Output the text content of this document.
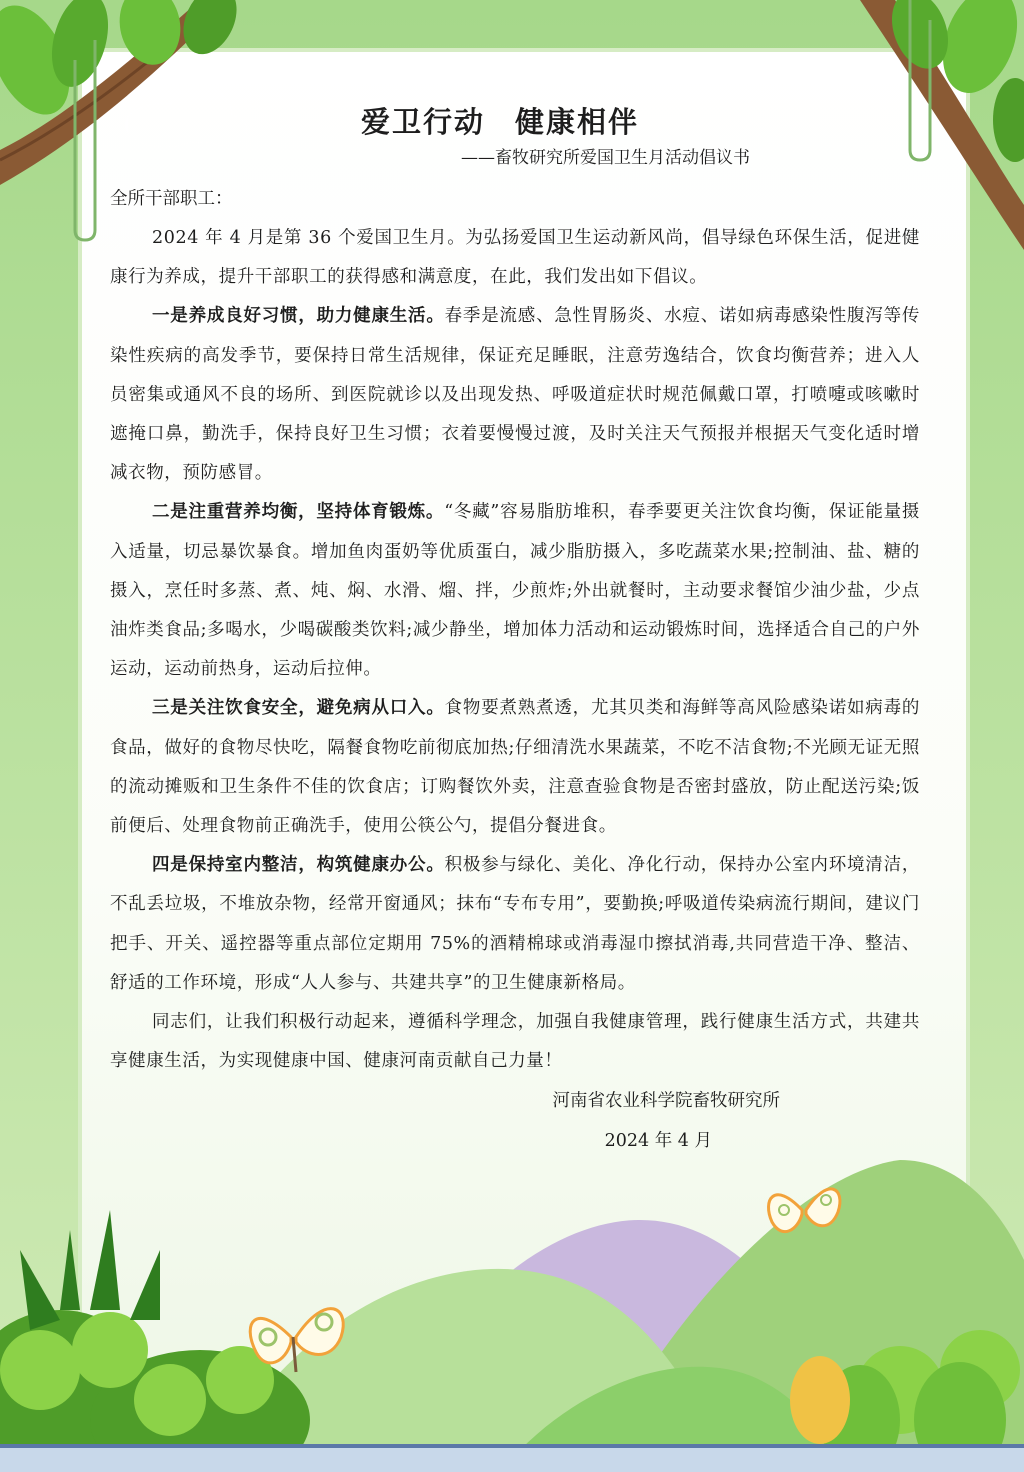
爱卫行动 健康相伴
——畜牧研究所爱国卫生月活动倡议书
全所干部职工：

2024 年 4 月是第 36 个爱国卫生月。为弘扬爱国卫生运动新风尚，倡导绿色环保生活，促进健康行为养成，提升干部职工的获得感和满意度，在此，我们发出如下倡议。

一是养成良好习惯，助力健康生活。春季是流感、急性胃肠炎、水痘、诺如病毒感染性腹泻等传染性疾病的高发季节，要保持日常生活规律，保证充足睡眠，注意劳逸结合，饮食均衡营养；进入人员密集或通风不良的场所、到医院就诊以及出现发热、呼吸道症状时规范佩戴口罩，打喷嚏或咳嗽时遮掩口鼻，勤洗手，保持良好卫生习惯；衣着要慢慢过渡，及时关注天气预报并根据天气变化适时增减衣物，预防感冒。

二是注重营养均衡，坚持体育锻炼。“冬藏”容易脂肪堆积，春季要更关注饮食均衡，保证能量摄入适量，切忌暴饮暴食。增加鱼肉蛋奶等优质蛋白，减少脂肪摄入，多吃蔬菜水果;控制油、盐、糖的摄入，烹任时多蒸、煮、炖、焖、水滑、熘、拌，少煎炸;外出就餐时，主动要求餐馆少油少盐，少点油炸类食品;多喝水，少喝碳酸类饮料;减少静坐，增加体力活动和运动锻炼时间，选择适合自己的户外运动，运动前热身，运动后拉伸。

三是关注饮食安全，避免病从口入。食物要煮熟煮透，尤其贝类和海鲜等高风险感染诺如病毒的食品，做好的食物尽快吃，隔餐食物吃前彻底加热;仔细清洗水果蔬菜，不吃不洁食物;不光顾无证无照的流动摊贩和卫生条件不佳的饮食店；订购餐饮外卖，注意查验食物是否密封盛放，防止配送污染;饭前便后、处理食物前正确洗手，使用公筷公勺，提倡分餐进食。

四是保持室内整洁，构筑健康办公。积极参与绿化、美化、净化行动，保持办公室内环境清洁，不乱丢垃圾，不堆放杂物，经常开窗通风；抹布“专布专用”，要勤换;呼吸道传染病流行期间，建议门把手、开关、遥控器等重点部位定期用 75%的酒精棉球或消毒湿巾擦拭消毒,共同营造干净、整洁、舒适的工作环境，形成“人人参与、共建共享”的卫生健康新格局。

同志们，让我们积极行动起来，遵循科学理念，加强自我健康管理，践行健康生活方式，共建共享健康生活，为实现健康中国、健康河南贡献自己力量！

河南省农业科学院畜牧研究所
2024 年 4 月
